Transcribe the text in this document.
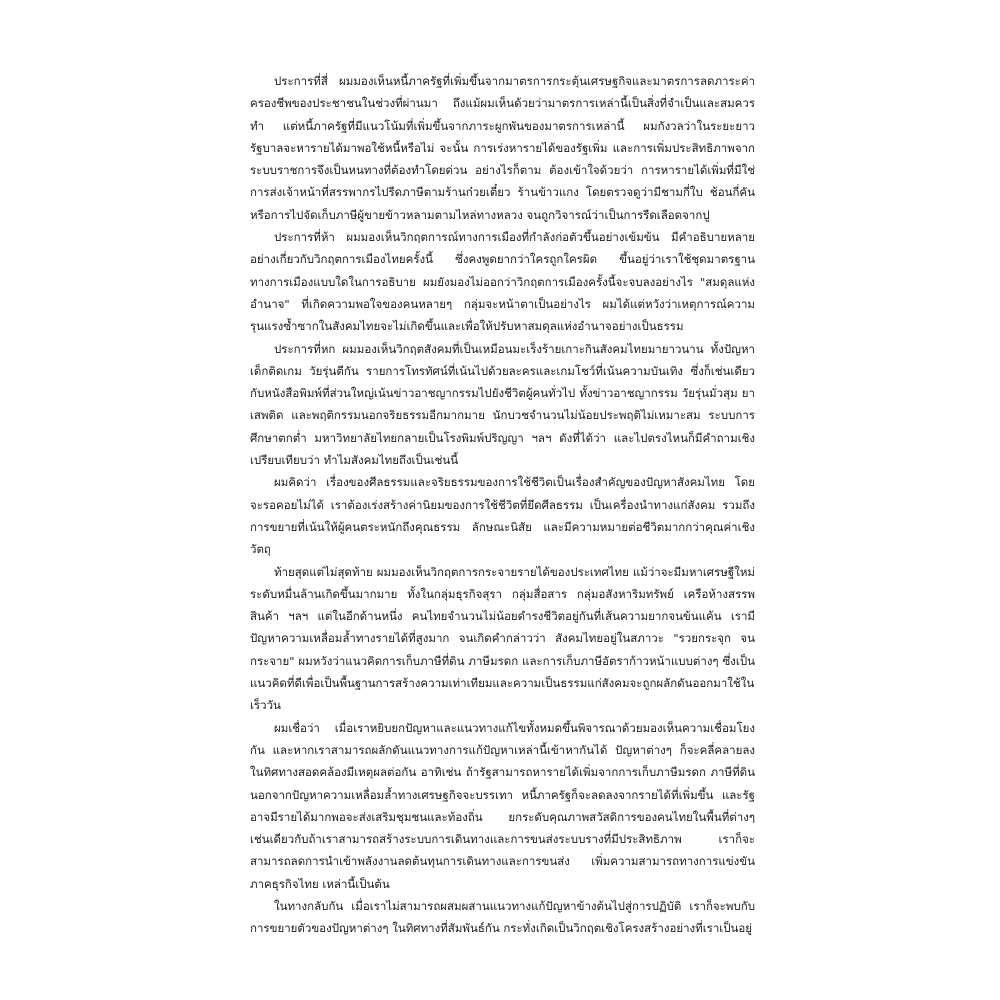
ประการที่สี่ ผมมองเห็นหนี้ภาครัฐที่เพิ่มขึ้นจากมาตรการกระตุ้นเศรษฐกิจและมาตรการลดภาระค่าครองชีพของประชาชนในช่วงที่ผ่านมา ถึงแม้ผมเห็นด้วยว่ามาตรการเหล่านี้เป็นสิ่งที่จำเป็นและสมควรทำ แต่หนี้ภาครัฐที่มีแนวโน้มที่เพิ่มขึ้นจากภาระผูกพันของมาตรการเหล่านี้ ผมกังวลว่าในระยะยาวรัฐบาลจะหารายได้มาพอใช้หนี้หรือไม่ จะนั้น การเร่งหารายได้ของรัฐเพิ่ม และการเพิ่มประสิทธิภาพจากระบบราชการจึงเป็นหนทางที่ต้องทำโดยด่วน อย่างไรก็ตาม ต้องเข้าใจด้วยว่า การหารายได้เพิ่มที่มีใช่การส่งเจ้าหน้าที่สรรพากรไปรีดภาษีตามร้านก๋วยเตี๋ยว ร้านข้าวแกง โดยตรวจดูว่ามีชามกี่ใบ ช้อนกี่คัน หรือการไปจัดเก็บภาษีผู้ขายข้าวหลามตามไหล่ทางหลวง จนถูกวิจารณ์ว่าเป็นการรีดเลือดจากปู

ประการที่ห้า ผมมองเห็นวิกฤตการณ์ทางการเมืองที่กำลังก่อตัวขึ้นอย่างเข้มข้น มีคำอธิบายหลายอย่างเกี่ยวกับวิกฤตการเมืองไทยครั้งนี้ ซึ่งคงพูดยากว่าใครถูกใครผิด ขึ้นอยู่ว่าเราใช้ชุดมาตรฐานทางการเมืองแบบใดในการอธิบาย ผมยังมองไม่ออกว่าวิกฤตการเมืองครั้งนี้จะจบลงอย่างไร "สมดุลแห่งอำนาจ" ที่เกิดความพอใจของคนหลายๆ กลุ่มจะหน้าตาเป็นอย่างไร ผมได้แต่หวังว่าเหตุการณ์ความรุนแรงซ้ำซากในสังคมไทยจะไม่เกิดขึ้นและเพื่อให้ปรับหาสมดุลแห่งอำนาจอย่างเป็นธรรม

ประการที่หก ผมมองเห็นวิกฤตสังคมที่เป็นเหมือนมะเร็งร้ายเกาะกินสังคมไทยมายาวนาน ทั้งปัญหาเด็กติดเกม วัยรุ่นตีกัน รายการโทรทัศน์ที่เน้นไปด้วยละครและเกมโชว์ที่เน้นความบันเทิง ซึ่งก็เช่นเดียวกับหนังสือพิมพ์ที่ส่วนใหญ่เน้นข่าวอาชญากรรมไปยังชีวิตผู้คนทั่วไป ทั้งข่าวอาชญากรรม วัยรุ่นมั่วสุม ยาเสพติด และพฤติกรรมนอกจริยธรรมอีกมากมาย นักบวชจำนวนไม่น้อยประพฤติไม่เหมาะสม ระบบการศึกษาตกต่ำ มหาวิทยาลัยไทยกลายเป็นโรงพิมพ์ปริญญา ฯลฯ ดังที่ได้ว่า และไปตรงไหนก็มีคำถามเชิงเปรียบเทียบว่า ทำไมสังคมไทยถึงเป็นเช่นนี้

ผมคิดว่า เรื่องของศีลธรรมและจริยธรรมของการใช้ชีวิตเป็นเรื่องสำคัญของปัญหาสังคมไทย โดยจะรอคอยไม่ได้ เราต้องเร่งสร้างค่านิยมของการใช้ชีวิตที่ยึดศีลธรรม เป็นเครื่องนำทางแก่สังคม รวมถึงการขยายที่เน้นให้ผู้คนตระหนักถึงคุณธรรม ลักษณะนิสัย และมีความหมายต่อชีวิตมากกว่าคุณค่าเชิงวัตถุ

ท้ายสุดแต่ไม่สุดท้าย ผมมองเห็นวิกฤตการกระจายรายได้ของประเทศไทย แม้ว่าจะมีมหาเศรษฐีใหม่ระดับหมื่นล้านเกิดขึ้นมากมาย ทั้งในกลุ่มธุรกิจสุรา กลุ่มสื่อสาร กลุ่มอสังหาริมทรัพย์ เครือห้างสรรพสินค้า ฯลฯ แต่ในอีกด้านหนึ่ง คนไทยจำนวนไม่น้อยดำรงชีวิตอยู่กันที่เส้นความยากจนข้นแค้น เรามีปัญหาความเหลื่อมล้ำทางรายได้ที่สูงมาก จนเกิดคำกล่าวว่า สังคมไทยอยู่ในสภาวะ "รวยกระจุก จนกระจาย" ผมหวังว่าแนวคิดการเก็บภาษีที่ดิน ภาษีมรดก และการเก็บภาษีอัตราก้าวหน้าแบบต่างๆ ซึ่งเป็นแนวคิดที่ดีเพื่อเป็นพื้นฐานการสร้างความเท่าเทียมและความเป็นธรรมแก่สังคมจะถูกผลักดันออกมาใช้ในเร็ววัน

ผมเชื่อว่า เมื่อเราหยิบยกปัญหาและแนวทางแก้ไขทั้งหมดขึ้นพิจารณาด้วยมองเห็นความเชื่อมโยงกัน และหากเราสามารถผลักดันแนวทางการแก้ปัญหาเหล่านี้เข้าหากันได้ ปัญหาต่างๆ ก็จะคลี่คลายลงในทิศทางสอดคล้องมีเหตุผลต่อกัน อาทิเช่น ถ้ารัฐสามารถหารายได้เพิ่มจากการเก็บภาษีมรดก ภาษีที่ดิน นอกจากปัญหาความเหลื่อมล้ำทางเศรษฐกิจจะบรรเทา หนี้ภาครัฐก็จะลดลงจากรายได้ที่เพิ่มขึ้น และรัฐอาจมีรายได้มากพอจะส่งเสริมชุมชนและท้องถิ่น ยกระดับคุณภาพสวัสดิการของคนไทยในพื้นที่ต่างๆ เช่นเดียวกับถ้าเราสามารถสร้างระบบการเดินทางและการขนส่งระบบรางที่มีประสิทธิภาพ เราก็จะสามารถลดการนำเข้าพลังงานลดต้นทุนการเดินทางและการขนส่ง เพิ่มความสามารถทางการแข่งขันภาคธุรกิจไทย เหล่านี้เป็นต้น

ในทางกลับกัน เมื่อเราไม่สามารถผสมผสานแนวทางแก้ปัญหาข้างต้นไปสู่การปฏิบัติ เราก็จะพบกับการขยายตัวของปัญหาต่างๆ ในทิศทางที่สัมพันธ์กัน กระทั่งเกิดเป็นวิกฤตเชิงโครงสร้างอย่างที่เราเป็นอยู่
